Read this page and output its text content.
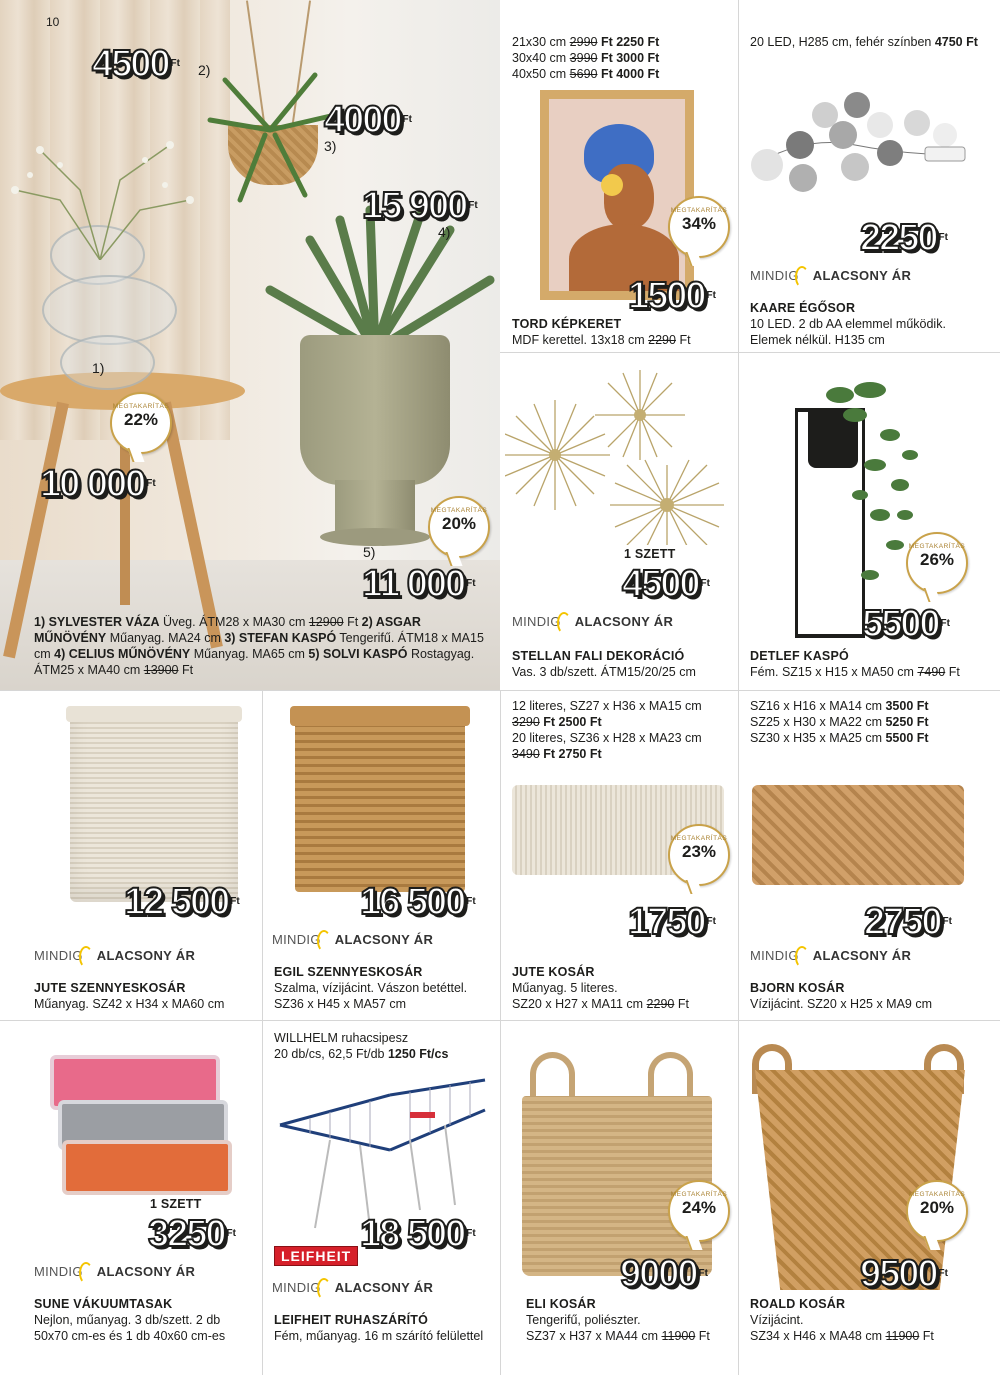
10
4500 $^{Ft}$ 2)
4000 $^{Ft}$
3)
15 900 $^{Ft}$
4)
1)
MEGTAKARÍTÁS
22%
10 000 $^{Ft}$
MEGTAKARÍTÁS
20%
5)
11 000 $^{Ft}$
1) SYLVESTER VÁZA Üveg. ÁTM28 x MA30 cm 12900 Ft 2) ASGAR MŰNÖVÉNY Műanyag. MA24 cm 3) STEFAN KASPÓ Tengerifű. ÁTM18 x MA15 cm 4) CELIUS MŰNÖVÉNY Műanyag. MA65 cm 5) SOLVI KASPÓ Rostagyag. ÁTM25 x MA40 cm 13900 Ft
21x30 cm 2990 Ft 2250 Ft
30x40 cm 3990 Ft 3000 Ft
40x50 cm 5690 Ft 4000 Ft
MEGTAKARÍTÁS
34%
1500 $^{Ft}$
TORD KÉPKERET
MDF kerettel. 13x18 cm 2290 Ft
20 LED, H285 cm, fehér színben 4750 Ft
2250 $^{Ft}$
MINDIG ALACSONY ÁR
KAARE ÉGŐSOR
10 LED. 2 db AA elemmel működik.
Elemek nélkül. H135 cm
1 SZETT
4500 $^{Ft}$
MINDIG ALACSONY ÁR
STELLAN FALI DEKORÁCIÓ
Vas. 3 db/szett. ÁTM15/20/25 cm
MEGTAKARÍTÁS
26%
5500 $^{Ft}$
DETLEF KASPÓ
Fém. SZ15 x H15 x MA50 cm 7490 Ft
12 500 $^{Ft}$
MINDIG ALACSONY ÁR
JUTE SZENNYESKOSÁR
Műanyag. SZ42 x H34 x MA60 cm
16 500 $^{Ft}$
MINDIG ALACSONY ÁR
EGIL SZENNYESKOSÁR
Szalma, vízijácint. Vászon betéttel.
SZ36 x H45 x MA57 cm
12 literes, SZ27 x H36 x MA15 cm
3290 Ft 2500 Ft
20 literes, SZ36 x H28 x MA23 cm
3490 Ft 2750 Ft
MEGTAKARÍTÁS
23%
1750 $^{Ft}$
JUTE KOSÁR
Műanyag. 5 literes.
SZ20 x H27 x MA11 cm 2290 Ft
SZ16 x H16 x MA14 cm 3500 Ft
SZ25 x H30 x MA22 cm 5250 Ft
SZ30 x H35 x MA25 cm 5500 Ft
2750 $^{Ft}$
MINDIG ALACSONY ÁR
BJORN KOSÁR
Vízijácint. SZ20 x H25 x MA9 cm
1 SZETT
3250 $^{Ft}$
MINDIG ALACSONY ÁR
SUNE VÁKUUMTASAK
Nejlon, műanyag. 3 db/szett. 2 db
50x70 cm-es és 1 db 40x60 cm-es
WILLHELM ruhacsipesz
20 db/cs, 62,5 Ft/db 1250 Ft/cs
LEIFHEIT
18 500 $^{Ft}$
MINDIG ALACSONY ÁR
LEIFHEIT RUHASZÁRÍTÓ
Fém, műanyag. 16 m szárító felülettel
MEGTAKARÍTÁS
24%
9000 $^{Ft}$
ELI KOSÁR
Tengerifű, poliészter.
SZ37 x H37 x MA44 cm 11900 Ft
MEGTAKARÍTÁS
20%
9500 $^{Ft}$
ROALD KOSÁR
Vízijácint.
SZ34 x H46 x MA48 cm 11900 Ft
